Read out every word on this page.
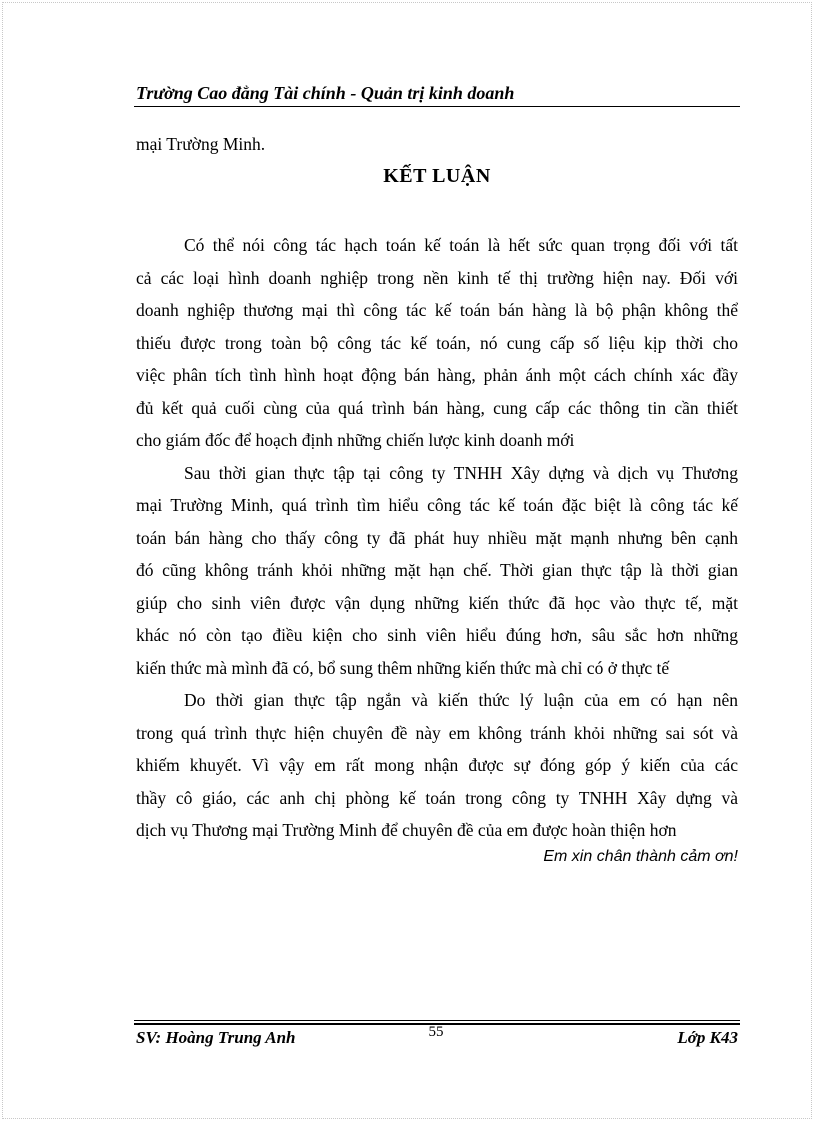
Trường Cao đẳng Tài chính - Quản trị kinh doanh
mại Trường Minh.
KẾT LUẬN
Có thể nói công tác hạch toán kế toán là hết sức quan trọng đối với tất
cả các loại hình doanh nghiệp trong nền kinh tế thị trường hiện nay. Đối với
doanh nghiệp thương mại thì công tác kế toán bán hàng là bộ phận không thể
thiếu được trong toàn bộ công tác kế toán, nó cung cấp số liệu kịp thời cho
việc phân tích tình hình hoạt động bán hàng, phản ánh một cách chính xác đầy
đủ kết quả cuối cùng của quá trình bán hàng, cung cấp các thông tin cần thiết
cho giám đốc để hoạch định những chiến lược kinh doanh mới
Sau thời gian thực tập tại công ty TNHH Xây dựng và dịch vụ Thương
mại Trường Minh, quá trình tìm hiểu công tác kế toán đặc biệt là công tác kế
toán bán hàng cho thấy công ty đã phát huy nhiều mặt mạnh nhưng bên cạnh
đó cũng không tránh khỏi những mặt hạn chế. Thời gian thực tập là thời gian
giúp cho sinh viên được vận dụng những kiến thức đã học vào thực tế, mặt
khác nó còn tạo điều kiện cho sinh viên hiểu đúng hơn, sâu sắc hơn những
kiến thức mà mình đã có, bổ sung thêm những kiến thức mà chỉ có ở thực tế
Do thời gian thực tập ngắn và kiến thức lý luận của em có hạn nên
trong quá trình thực hiện chuyên đề này em không tránh khỏi những sai sót và
khiếm khuyết. Vì vậy em rất mong nhận được sự đóng góp ý kiến của các
thầy cô giáo, các anh chị phòng kế toán trong công ty TNHH Xây dựng và
dịch vụ Thương mại Trường Minh để chuyên đề của em được hoàn thiện hơn
Em xin chân thành cảm ơn!
SV: Hoàng Trung Anh	55	Lớp K43
